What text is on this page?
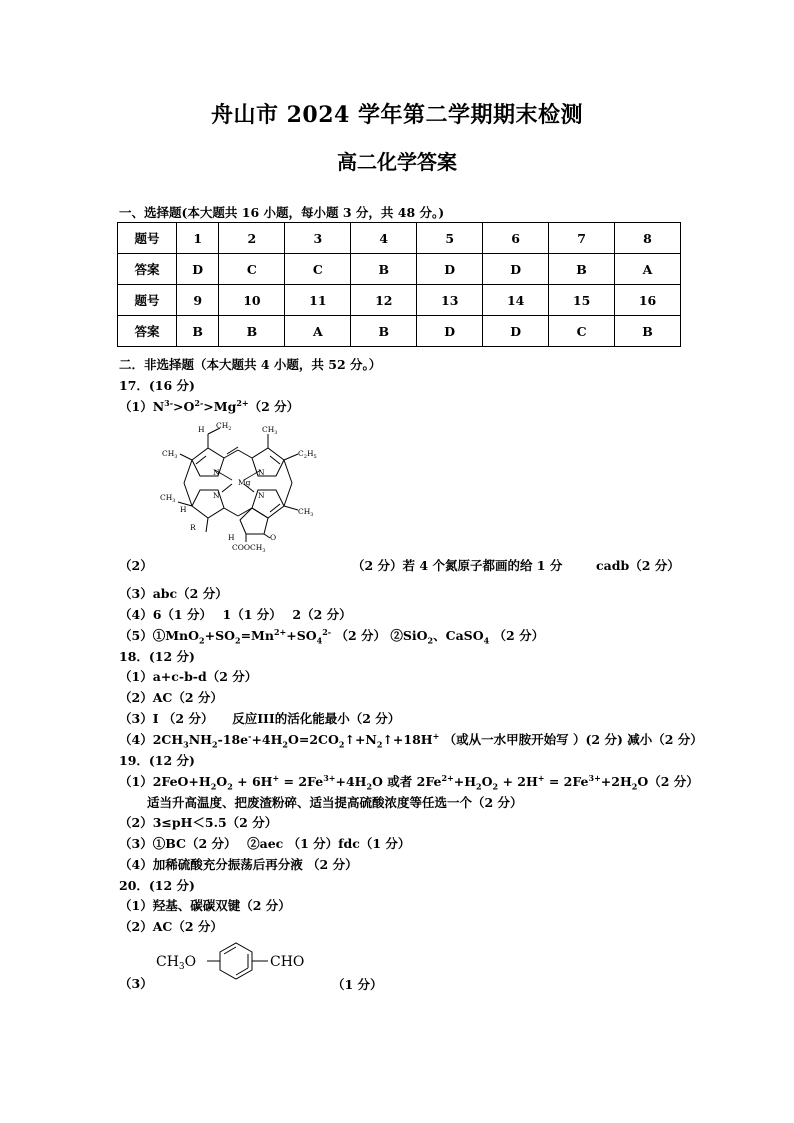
舟山市 2024 学年第二学期期末检测
高二化学答案
一、选择题(本大题共 16 小题，每小题 3 分，共 48 分。)
题号	1	2	3	4	5	6	7	8
答案	D	C	C	B	D	D	B	A
题号	9	10	11	12	13	14	15	16
答案	B	B	A	B	D	D	C	B
二．非选择题（本大题共 4 小题，共 52 分。）
17．(16 分)
$(1)N^{3-}>O^{2-}>Mg^{2+}(2$ 分）
Mg
N	N
N	N
H $CH_2$
$CH_3$
$CH_3$
$C_2H_5$
$CH_3$
$CH_3$
H
R
H	O
$COOCH_3$
（2）	（2 分）若 4 个氮原子都画的给 1 分	cadb（2 分）
（3）abc（2 分）
（4）6（1 分）　 1（1 分）　 2（2 分）
$(5)①MnO_2+SO_2=Mn^{2+}+SO_4^{2-}$ （2 分） ②SiO$_2$、CaSO$_4$ （2 分）
18．(12 分)
（1）a+c-b-d（2 分）
（2）AC（2 分）
（3）I （2 分）　　反应III的活化能最小（2 分）
$(4)2CH_3NH_2-18e^-+4H_2O=2CO_2↑+N_2↑+18H^+$ （或从一水甲胺开始写 ）(2 分) 减小（2 分）
19．(12 分)
$(1)2FeO+H_2O_2 + 6H^+ = 2Fe^{3+}+4H_2O$ 或者 $2Fe^{2+}+H_2O_2 + 2H^+ = 2Fe^{3+}+2H_2O(2$ 分）
适当升高温度、把废渣粉碎、适当提高硫酸浓度等任选一个（2 分）
（2）3≤pH＜5.5（2 分）
（3）①BC（2 分）　 ②aec （1 分）fdc（1 分）
（4）加稀硫酸充分振荡后再分液 （2 分）
20．(12 分)
（1）羟基、碳碳双键（2 分）
（2）AC（2 分）
（3）
$CH_3O$	CHO
（1 分）
